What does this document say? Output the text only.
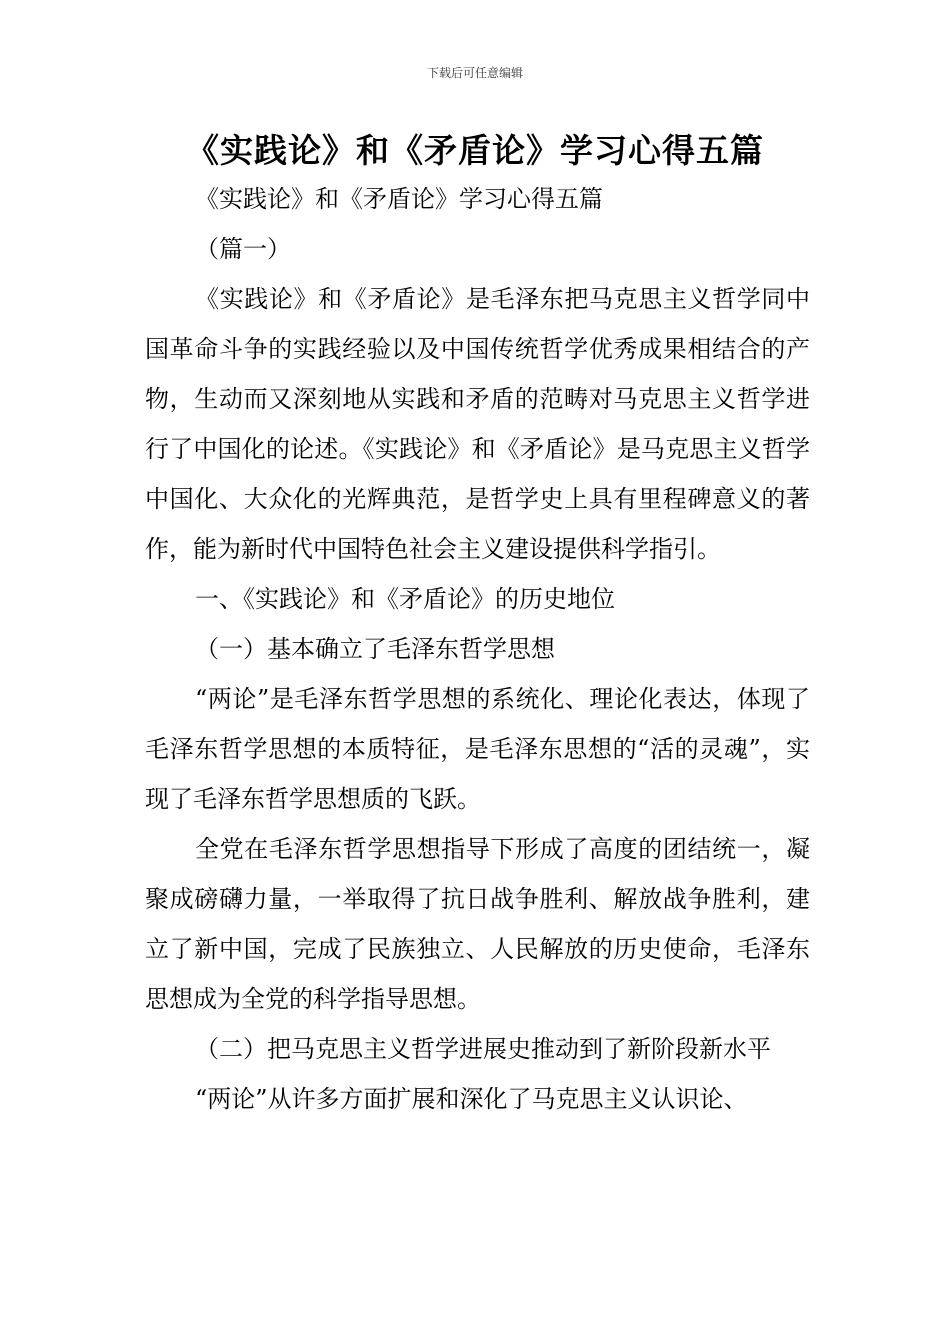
下载后可任意编辑
《实践论》和《矛盾论》学习心得五篇

《实践论》和《矛盾论》学习心得五篇

（篇一）

《实践论》和《矛盾论》是毛泽东把马克思主义哲学同中国革命斗争的实践经验以及中国传统哲学优秀成果相结合的产物，生动而又深刻地从实践和矛盾的范畴对马克思主义哲学进行了中国化的论述。《实践论》和《矛盾论》是马克思主义哲学中国化、大众化的光辉典范，是哲学史上具有里程碑意义的著作，能为新时代中国特色社会主义建设提供科学指引。

一、《实践论》和《矛盾论》的历史地位

（一）基本确立了毛泽东哲学思想

“两论”是毛泽东哲学思想的系统化、理论化表达，体现了毛泽东哲学思想的本质特征，是毛泽东思想的“活的灵魂”，实现了毛泽东哲学思想质的飞跃。

全党在毛泽东哲学思想指导下形成了高度的团结统一，凝聚成磅礴力量，一举取得了抗日战争胜利、解放战争胜利，建立了新中国，完成了民族独立、人民解放的历史使命，毛泽东思想成为全党的科学指导思想。

（二）把马克思主义哲学进展史推动到了新阶段新水平

“两论”从许多方面扩展和深化了马克思主义认识论、
